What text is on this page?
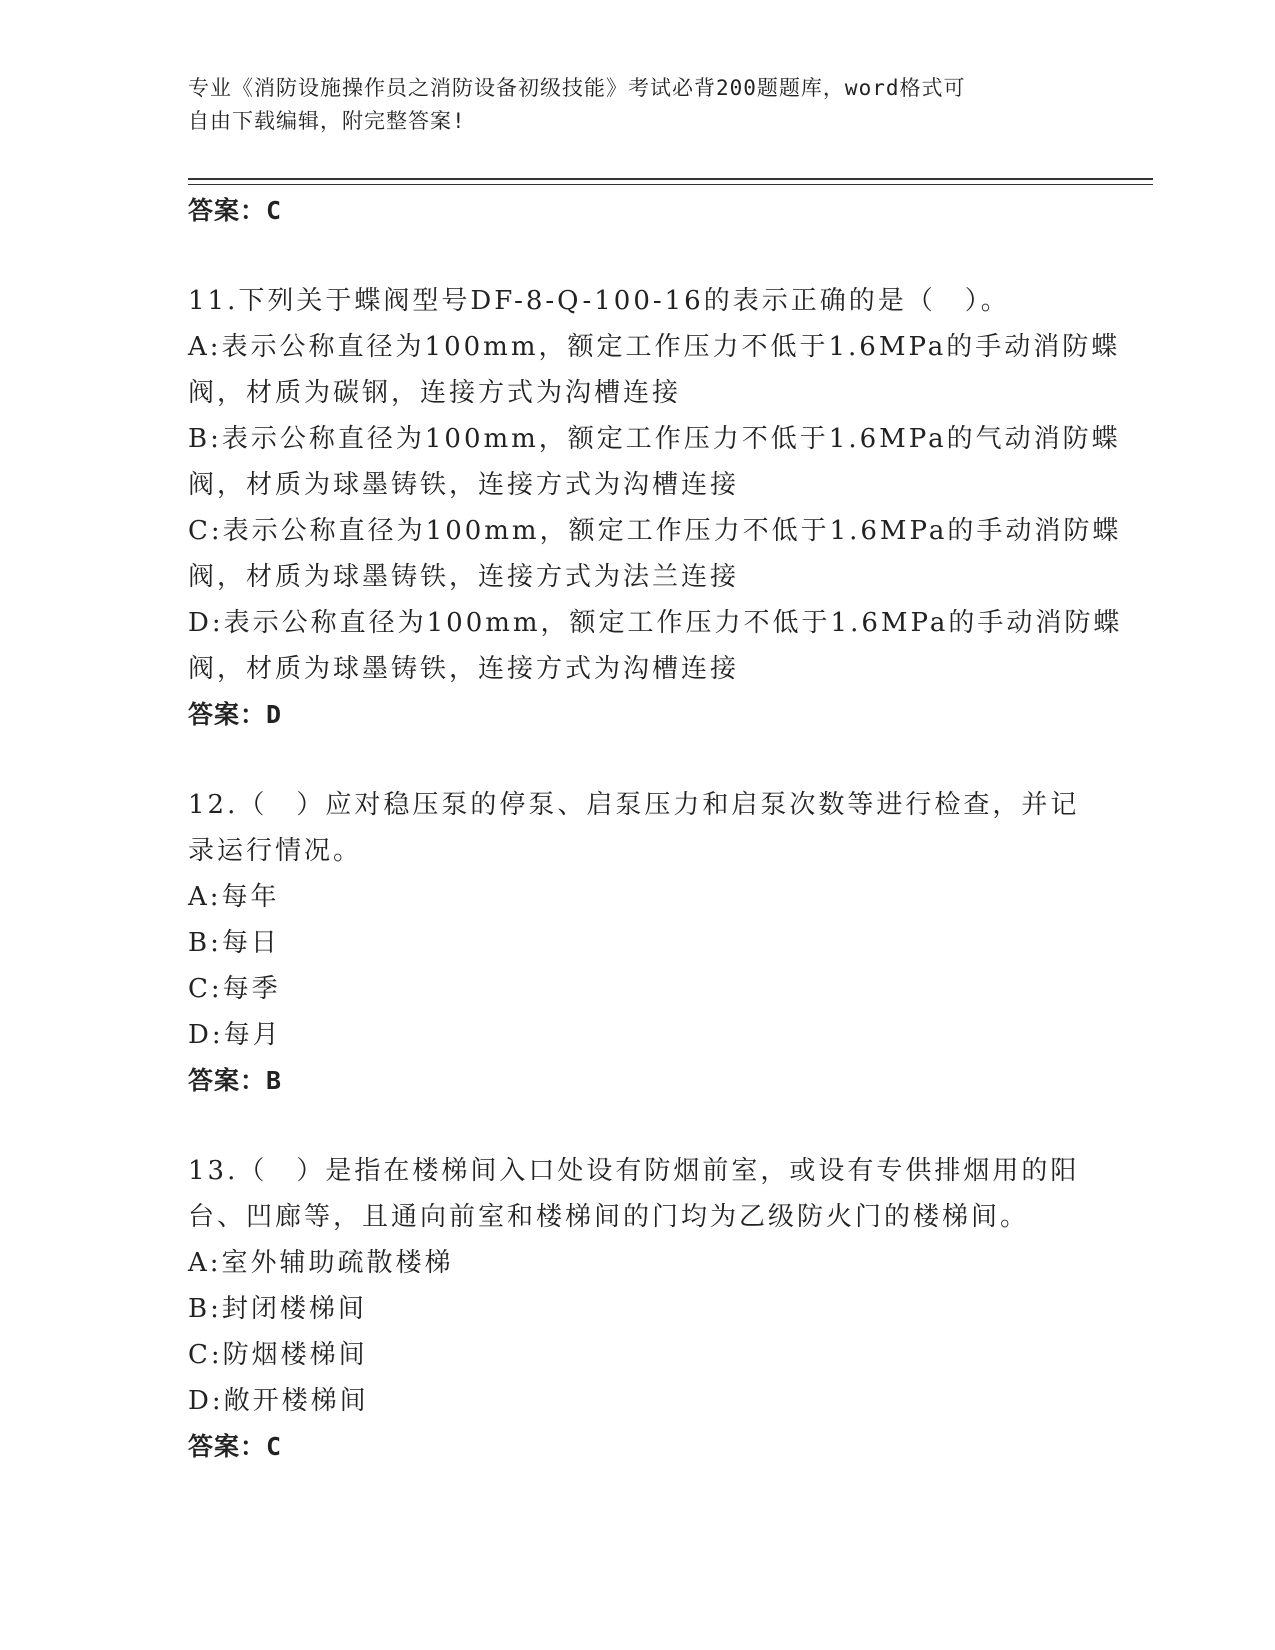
专业《消防设施操作员之消防设备初级技能》考试必背200题题库，word格式可
自由下载编辑，附完整答案!
答案：C
11.下列关于蝶阀型号DF-8-Q-100-16的表示正确的是（　）。
A:表示公称直径为100mm，额定工作压力不低于1.6MPa的手动消防蝶
阀，材质为碳钢，连接方式为沟槽连接
B:表示公称直径为100mm，额定工作压力不低于1.6MPa的气动消防蝶
阀，材质为球墨铸铁，连接方式为沟槽连接
C:表示公称直径为100mm，额定工作压力不低于1.6MPa的手动消防蝶
阀，材质为球墨铸铁，连接方式为法兰连接
D:表示公称直径为100mm，额定工作压力不低于1.6MPa的手动消防蝶
阀，材质为球墨铸铁，连接方式为沟槽连接
答案：D
12.（　）应对稳压泵的停泵、启泵压力和启泵次数等进行检查，并记
录运行情况。
A:每年
B:每日
C:每季
D:每月
答案：B
13.（　）是指在楼梯间入口处设有防烟前室，或设有专供排烟用的阳
台、凹廊等，且通向前室和楼梯间的门均为乙级防火门的楼梯间。
A:室外辅助疏散楼梯
B:封闭楼梯间
C:防烟楼梯间
D:敞开楼梯间
答案：C
